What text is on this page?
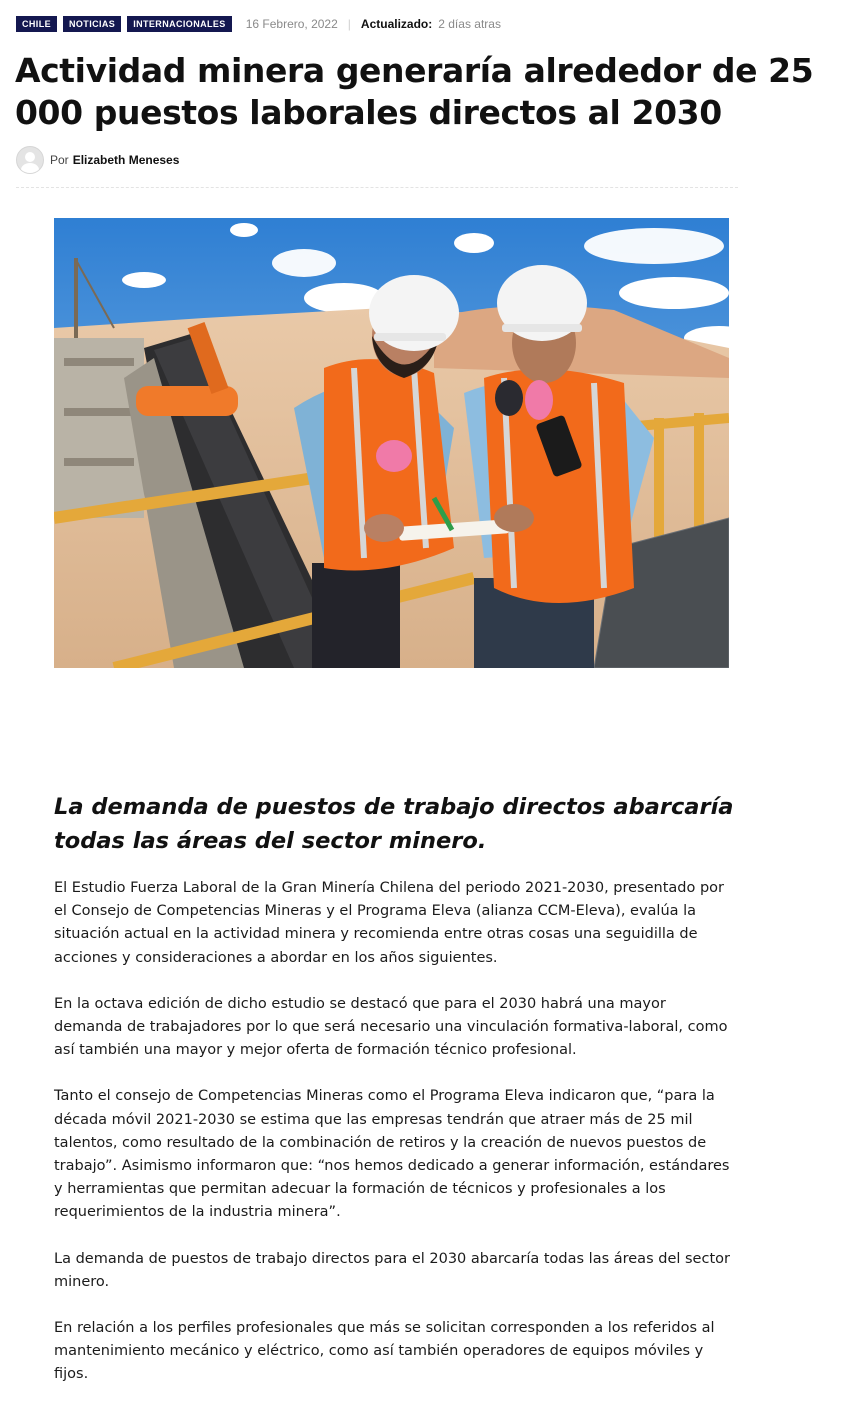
CHILE	NOTICIAS	INTERNACIONALES	16 Febrero, 2022 | Actualizado: 2 días atras
Actividad minera generaría alrededor de 25 000 puestos laborales directos al 2030
Por Elizabeth Meneses
La demanda de puestos de trabajo directos abarcaría todas las áreas del sector minero.

El Estudio Fuerza Laboral de la Gran Minería Chilena del periodo 2021-2030, presentado por el Consejo de Competencias Mineras y el Programa Eleva (alianza CCM-Eleva), evalúa la situación actual en la actividad minera y recomienda entre otras cosas una seguidilla de acciones y consideraciones a abordar en los años siguientes.

En la octava edición de dicho estudio se destacó que para el 2030 habrá una mayor demanda de trabajadores por lo que será necesario una vinculación formativa-laboral, como así también una mayor y mejor oferta de formación técnico profesional.

Tanto el consejo de Competencias Mineras como el Programa Eleva indicaron que, “para la década móvil 2021-2030 se estima que las empresas tendrán que atraer más de 25 mil talentos, como resultado de la combinación de retiros y la creación de nuevos puestos de trabajo”. Asimismo informaron que: “nos hemos dedicado a generar información, estándares y herramientas que permitan adecuar la formación de técnicos y profesionales a los requerimientos de la industria minera”.

La demanda de puestos de trabajo directos para el 2030 abarcaría todas las áreas del sector minero.

En relación a los perfiles profesionales que más se solicitan corresponden a los referidos al mantenimiento mecánico y eléctrico, como así también operadores de equipos móviles y fijos.
